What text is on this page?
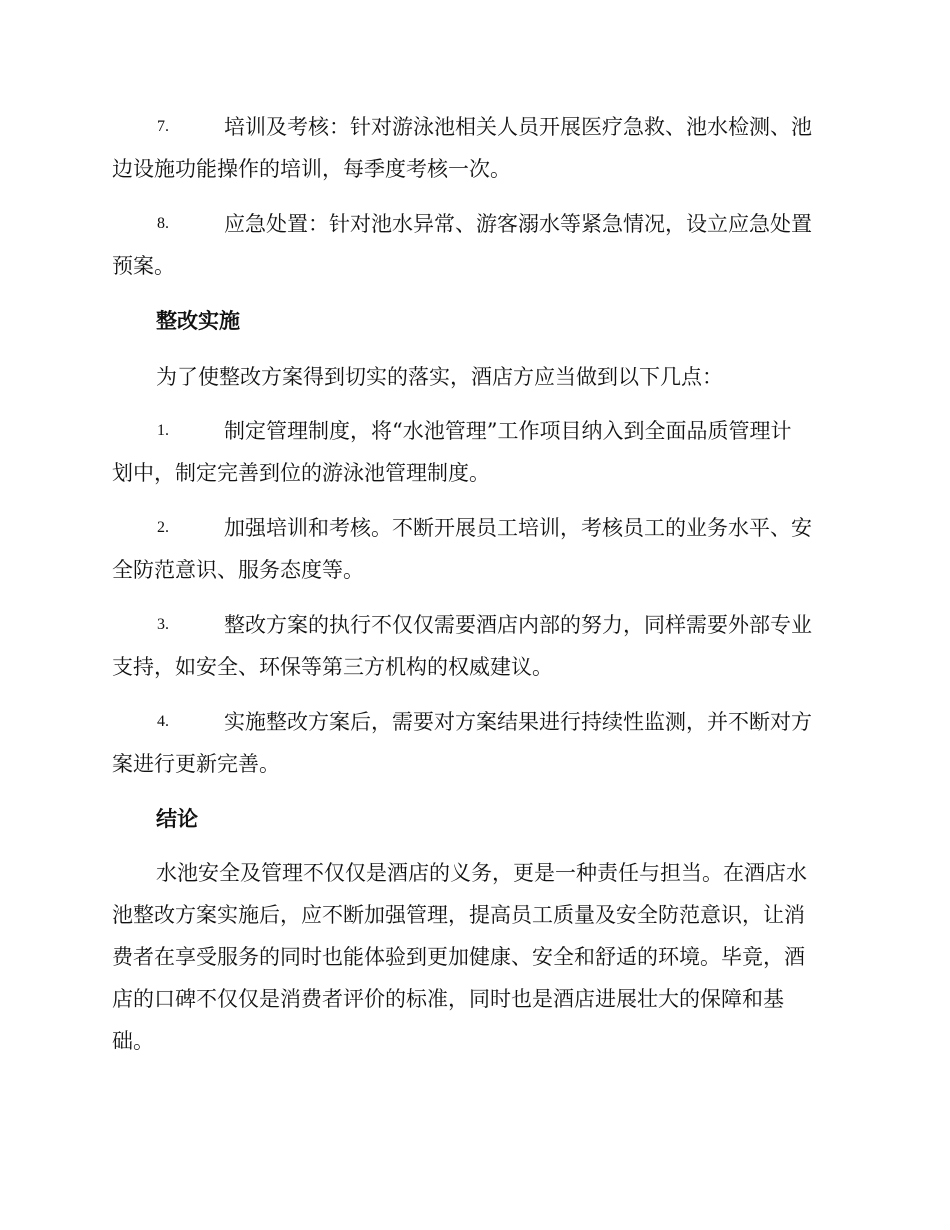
7.	培训及考核：针对游泳池相关人员开展医疗急救、池水检测、池
边设施功能操作的培训，每季度考核一次。
8.	应急处置：针对池水异常、游客溺水等紧急情况，设立应急处置
预案。
整改实施
为了使整改方案得到切实的落实，酒店方应当做到以下几点：
1.	制定管理制度，将“水池管理”工作项目纳入到全面品质管理计
划中，制定完善到位的游泳池管理制度。
2.	加强培训和考核。不断开展员工培训，考核员工的业务水平、安
全防范意识、服务态度等。
3.	整改方案的执行不仅仅需要酒店内部的努力，同样需要外部专业
支持，如安全、环保等第三方机构的权威建议。
4.	实施整改方案后，需要对方案结果进行持续性监测，并不断对方
案进行更新完善。
结论
水池安全及管理不仅仅是酒店的义务，更是一种责任与担当。在酒店水
池整改方案实施后，应不断加强管理，提高员工质量及安全防范意识，让消
费者在享受服务的同时也能体验到更加健康、安全和舒适的环境。毕竟，酒
店的口碑不仅仅是消费者评价的标准，同时也是酒店进展壮大的保障和基
础。
